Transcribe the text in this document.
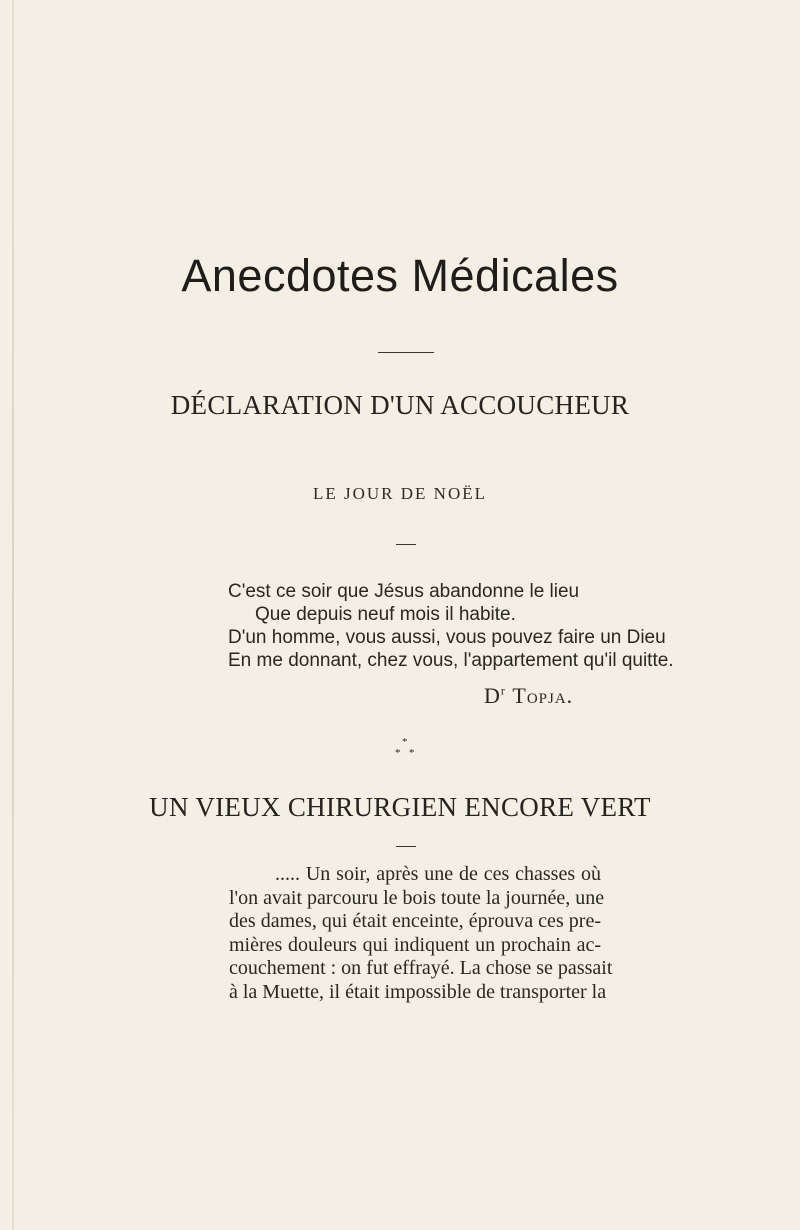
Anecdotes Médicales
DÉCLARATION D'UN ACCOUCHEUR
LE JOUR DE NOËL
C'est ce soir que Jésus abandonne le lieu
Que depuis neuf mois il habite.
D'un homme, vous aussi, vous pouvez faire un Dieu
En me donnant, chez vous, l'appartement qu'il quitte.
$D^r$ Topja.
*
* *
UN VIEUX CHIRURGIEN ENCORE VERT
..... Un soir, après une de ces chasses où
l'on avait parcouru le bois toute la journée, une
des dames, qui était enceinte, éprouva ces pre-
mières douleurs qui indiquent un prochain ac-
couchement : on fut effrayé. La chose se passait
à la Muette, il était impossible de transporter la
